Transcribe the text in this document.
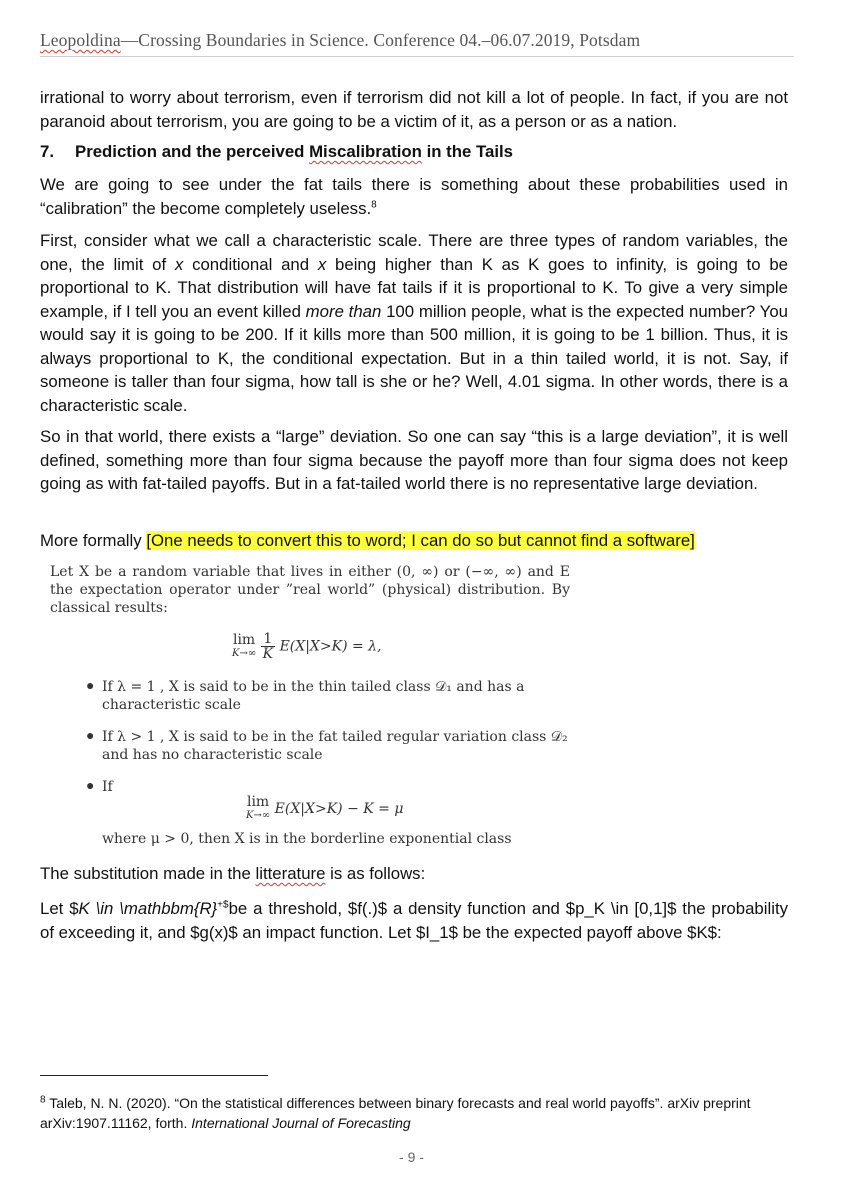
Leopoldina—Crossing Boundaries in Science. Conference 04.–06.07.2019, Potsdam

irrational to worry about terrorism, even if terrorism did not kill a lot of people. In fact, if you are not paranoid about terrorism, you are going to be a victim of it, as a person or as a nation.

7. Prediction and the perceived Miscalibration in the Tails

We are going to see under the fat tails there is something about these probabilities used in “calibration” the become completely useless.$^8$

First, consider what we call a characteristic scale. There are three types of random variables, the one, the limit of x conditional and x being higher than K as K goes to infinity, is going to be proportional to K. That distribution will have fat tails if it is proportional to K. To give a very simple example, if I tell you an event killed more than 100 million people, what is the expected number? You would say it is going to be 200. If it kills more than 500 million, it is going to be 1 billion. Thus, it is always proportional to K, the conditional expectation. But in a thin tailed world, it is not. Say, if someone is taller than four sigma, how tall is she or he? Well, 4.01 sigma. In other words, there is a characteristic scale.

So in that world, there exists a “large” deviation. So one can say “this is a large deviation”, it is well defined, something more than four sigma because the payoff more than four sigma does not keep going as with fat-tailed payoffs. But in a fat-tailed world there is no representative large deviation.

More formally [One needs to convert this to word; I can do so but cannot find a software]

Let X be a random variable that lives in either (0, ∞) or (−∞, ∞) and E the expectation operator under ”real world” (physical) distribution. By classical results:
lim
K→∞
$\frac{1}{K} E(X|X>K) = \lambda$,
● If λ = 1 , X is said to be in the thin tailed class 𝒟₁ and has a characteristic scale
● If λ > 1 , X is said to be in the fat tailed regular variation class 𝒟₂ and has no characteristic scale
● If
lim
K→∞ E(X|X>K) − K = μ
where μ > 0, then X is in the borderline exponential class

The substitution made in the litterature is as follows:

Let $K \in \mathbbm{R}+$be a threshold, $f(.)$ a density function and $p_K \in [0,1]$ the probability of exceeding it, and $g(x)$ an impact function. Let $I_1$ be the expected payoff above $K$:

$^8$ Taleb, N. N. (2020). “On the statistical differences between binary forecasts and real world payoffs”. arXiv preprint arXiv:1907.11162, forth. International Journal of Forecasting
- 9 -
